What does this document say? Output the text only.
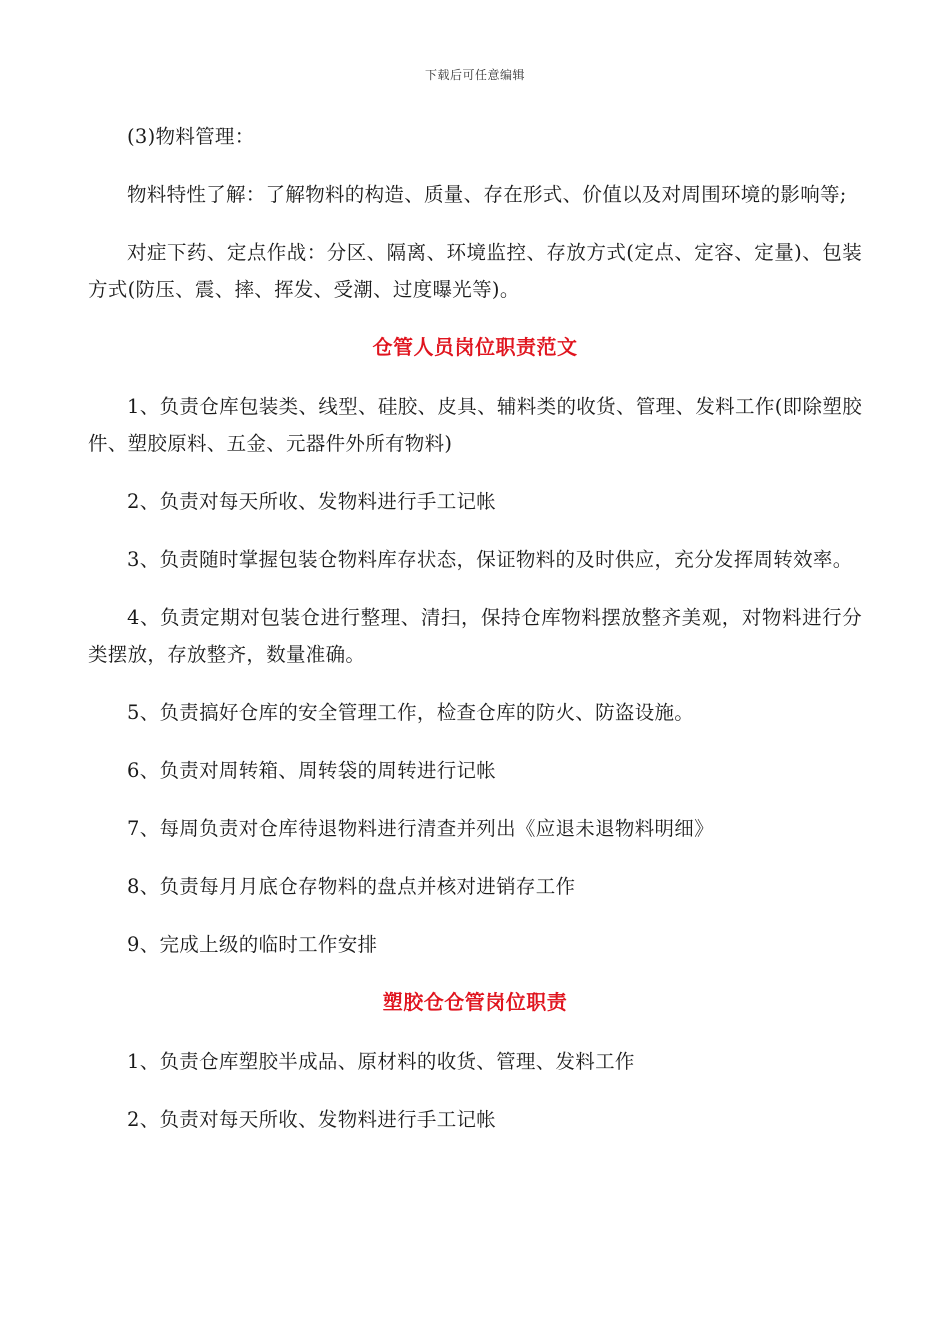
下载后可任意编辑

(3)物料管理：

物料特性了解：了解物料的构造、质量、存在形式、价值以及对周围环境的影响等;

对症下药、定点作战：分区、隔离、环境监控、存放方式(定点、定容、定量)、包装方式(防压、震、摔、挥发、受潮、过度曝光等)。

仓管人员岗位职责范文

1、负责仓库包装类、线型、硅胶、皮具、辅料类的收货、管理、发料工作(即除塑胶件、塑胶原料、五金、元器件外所有物料)

2、负责对每天所收、发物料进行手工记帐

3、负责随时掌握包装仓物料库存状态，保证物料的及时供应，充分发挥周转效率。

4、负责定期对包装仓进行整理、清扫，保持仓库物料摆放整齐美观，对物料进行分类摆放，存放整齐，数量准确。

5、负责搞好仓库的安全管理工作，检查仓库的防火、防盗设施。

6、负责对周转箱、周转袋的周转进行记帐

7、每周负责对仓库待退物料进行清查并列出《应退未退物料明细》

8、负责每月月底仓存物料的盘点并核对进销存工作

9、完成上级的临时工作安排

塑胶仓仓管岗位职责

1、负责仓库塑胶半成品、原材料的收货、管理、发料工作

2、负责对每天所收、发物料进行手工记帐
